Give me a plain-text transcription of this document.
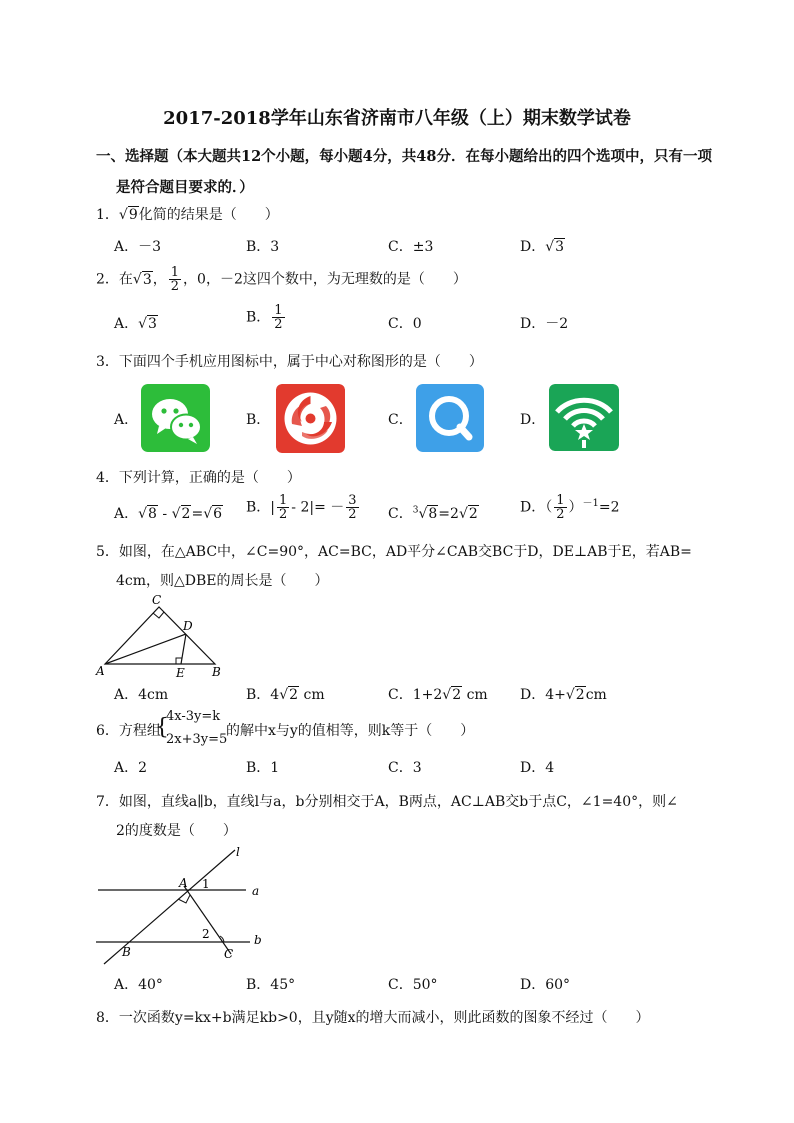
2017-2018学年山东省济南市八年级（上）期末数学试卷
一、选择题（本大题共12个小题，每小题4分，共48分．在每小题给出的四个选项中，只有一项
是符合题目要求的．）
1．√9化简的结果是（　　）
A．－3	B．3	C．±3	D．√3
2．在√3， $\frac{1}{2}$ ，0，－2这四个数中，为无理数的是（　　）
A．√3	B． $\frac{1}{2}$	C．0	D．－2
3．下面四个手机应用图标中，属于中心对称图形的是（　　）
A．	B．	C．	D．
4．下列计算，正确的是（　　）
A．√8 - √2=√6 B．| $\frac{1}{2} - 2|= - \frac{3}{2}$ C．$^3$√8=2√2	D．（ $\frac{1}{2} )^{-1}=2$
5．如图，在△ABC中，∠C=90°，AC=BC，AD平分∠CAB交BC于D，DE⊥AB于E，若AB=
4cm，则△DBE的周长是（　　）
C
D
A	E B
A．4cm	B．4√2 cm	C．1+2√2 cm D．4+√2cm
6．方程组
{
4x-3y=k
2x+3y=5
的解中x与y的值相等，则k等于（　　）
A．2	B．1	C．3	D．4
7．如图，直线a∥b，直线l与a，b分别相交于A，B两点，AC⊥AB交b于点C，∠1=40°，则∠
2的度数是（　　）
l
a
b
A 1
2
B	C
A．40°	B．45°	C．50°	D．60°
8．一次函数y=kx+b满足kb>0，且y随x的增大而减小，则此函数的图象不经过（　　）
